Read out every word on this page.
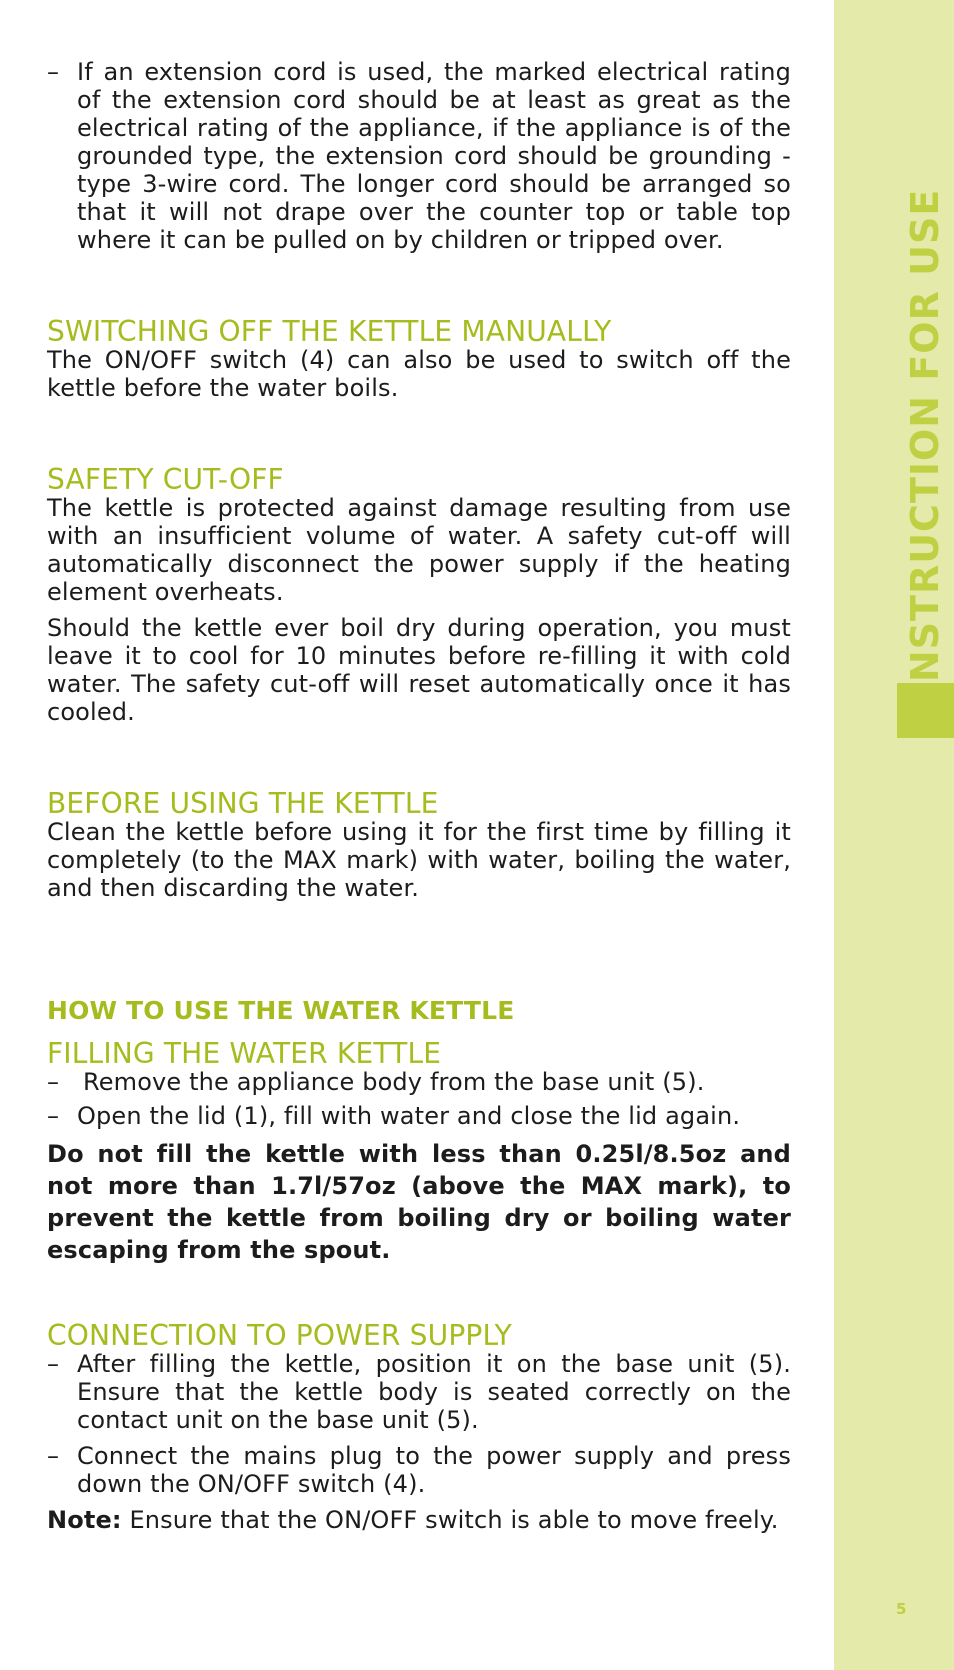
INSTRUCTION FOR USE
5
– If an extension cord is used, the marked electrical rating of the extension cord should be at least as great as the electrical rating of the appliance, if the appliance is of the grounded type, the extension cord should be grounding -type 3-wire cord. The longer cord should be arranged so that it will not drape over the counter top or table top where it can be pulled on by children or tripped over.
SWITCHING OFF THE KETTLE MANUALLY

The ON/OFF switch (4) can also be used to switch off the kettle before the water boils.

SAFETY CUT-OFF

The kettle is protected against damage resulting from use with an insufficient volume of water. A safety cut-off will automatically disconnect the power supply if the heating element overheats.

Should the kettle ever boil dry during operation, you must leave it to cool for 10 minutes before re-filling it with cold water. The safety cut-off will reset automatically once it has cooled.

BEFORE USING THE KETTLE

Clean the kettle before using it for the first time by filling it completely (to the MAX mark) with water, boiling the water, and then discarding the water.

HOW TO USE THE WATER KETTLE
FILLING THE WATER KETTLE
– Remove the appliance body from the base unit (5).
– Open the lid (1), fill with water and close the lid again.

Do not fill the kettle with less than 0.25l/8.5oz and not more than 1.7l/57oz (above the MAX mark), to prevent the kettle from boiling dry or boiling water escaping from the spout.

CONNECTION TO POWER SUPPLY
– After filling the kettle, position it on the base unit (5). Ensure that the kettle body is seated correctly on the contact unit on the base unit (5).
– Connect the mains plug to the power supply and press down the ON/OFF switch (4).

Note: Ensure that the ON/OFF switch is able to move freely.
